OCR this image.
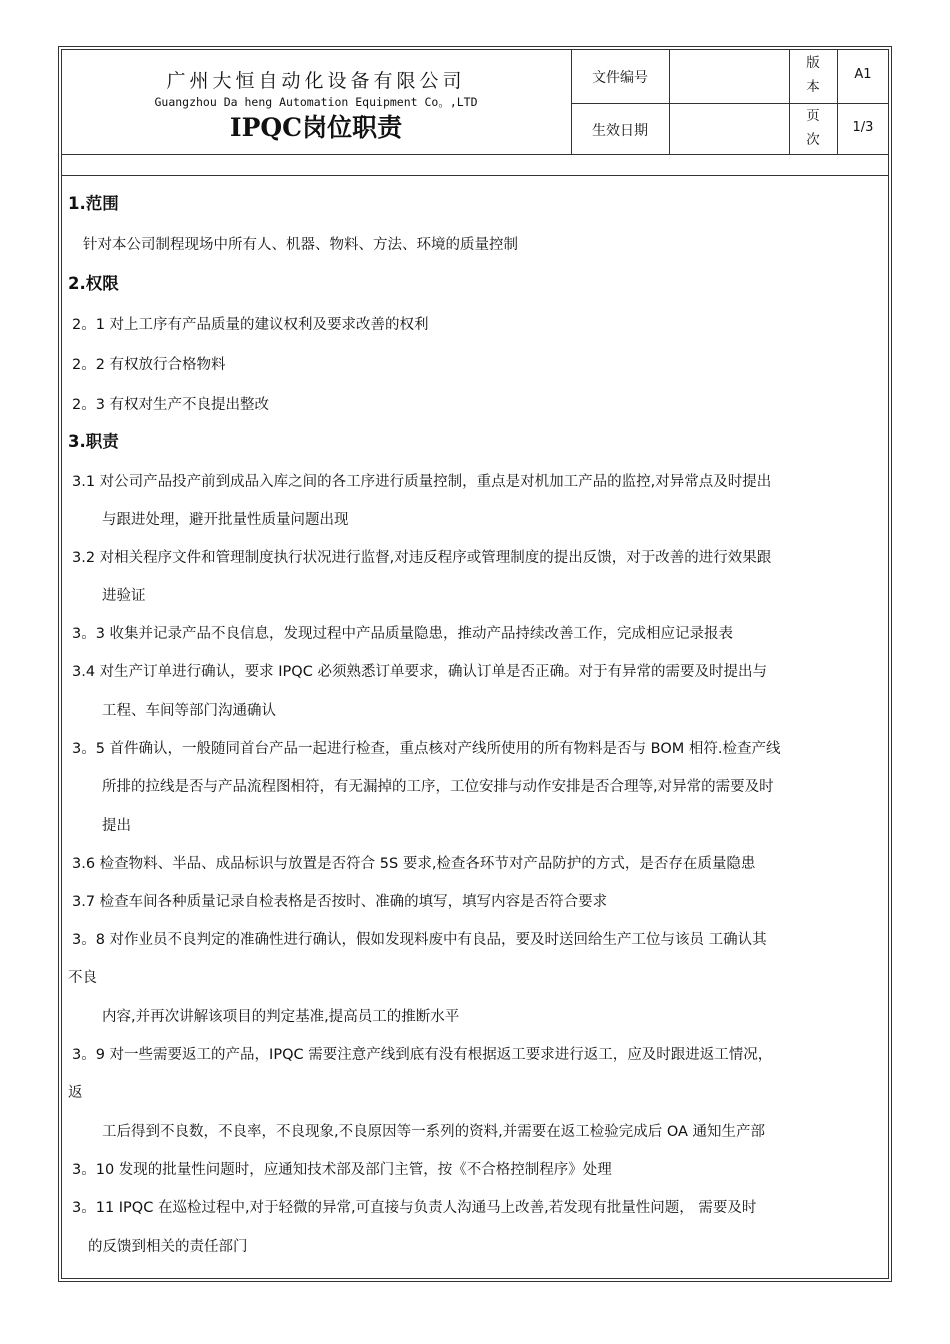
广州大恒自动化设备有限公司
Guangzhou Da heng Automation Equipment Co。,LTD
IPQC岗位职责
文件编号
版本
A1
生效日期
页次
1/3
1.范围
针对本公司制程现场中所有人、机器、物料、方法、环境的质量控制
2.权限
2。1 对上工序有产品质量的建议权利及要求改善的权利
2。2 有权放行合格物料
2。3 有权对生产不良提出整改
3.职责
3.1 对公司产品投产前到成品入库之间的各工序进行质量控制，重点是对机加工产品的监控,对异常点及时提出
与跟进处理，避开批量性质量问题出现
3.2 对相关程序文件和管理制度执行状况进行监督,对违反程序或管理制度的提出反馈，对于改善的进行效果跟
进验证
3。3 收集并记录产品不良信息，发现过程中产品质量隐患，推动产品持续改善工作，完成相应记录报表
3.4 对生产订单进行确认，要求 IPQC 必须熟悉订单要求，确认订单是否正确。对于有异常的需要及时提出与
工程、车间等部门沟通确认
3。5 首件确认，一般随同首台产品一起进行检查，重点核对产线所使用的所有物料是否与 BOM 相符.检查产线
所排的拉线是否与产品流程图相符，有无漏掉的工序，工位安排与动作安排是否合理等,对异常的需要及时
提出
3.6 检查物料、半品、成品标识与放置是否符合 5S 要求,检查各环节对产品防护的方式，是否存在质量隐患
3.7 检查车间各种质量记录自检表格是否按时、准确的填写，填写内容是否符合要求
3。8 对作业员不良判定的准确性进行确认，假如发现料废中有良品，要及时送回给生产工位与该员 工确认其
不良
内容,并再次讲解该项目的判定基准,提高员工的推断水平
3。9 对一些需要返工的产品，IPQC 需要注意产线到底有没有根据返工要求进行返工，应及时跟进返工情况，
返
工后得到不良数，不良率，不良现象,不良原因等一系列的资料,并需要在返工检验完成后 OA 通知生产部
3。10 发现的批量性问题时，应通知技术部及部门主管，按《不合格控制程序》处理
3。11 IPQC 在巡检过程中,对于轻微的异常,可直接与负责人沟通马上改善,若发现有批量性问题， 需要及时
的反馈到相关的责任部门
